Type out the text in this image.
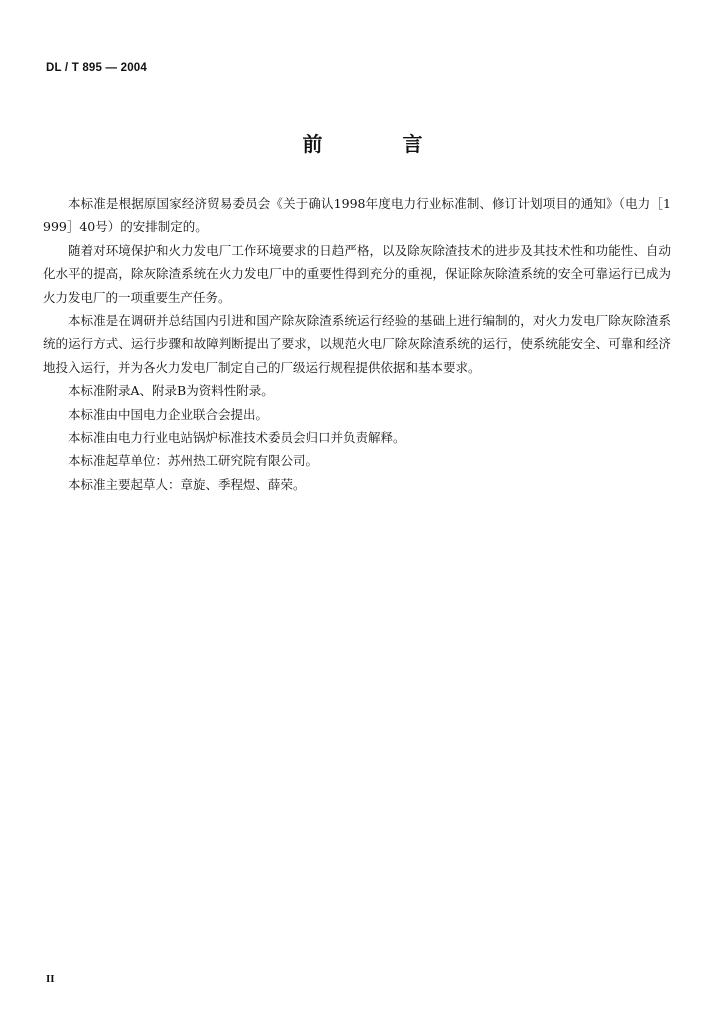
DL / T 895 — 2004
前　言

本标准是根据原国家经济贸易委员会《关于确认1998年度电力行业标准制、修订计划项目的通知》（电力［1999］40号）的安排制定的。

随着对环境保护和火力发电厂工作环境要求的日趋严格，以及除灰除渣技术的进步及其技术性和功能性、自动化水平的提高，除灰除渣系统在火力发电厂中的重要性得到充分的重视，保证除灰除渣系统的安全可靠运行已成为火力发电厂的一项重要生产任务。

本标准是在调研并总结国内引进和国产除灰除渣系统运行经验的基础上进行编制的，对火力发电厂除灰除渣系统的运行方式、运行步骤和故障判断提出了要求，以规范火电厂除灰除渣系统的运行，使系统能安全、可靠和经济地投入运行，并为各火力发电厂制定自己的厂级运行规程提供依据和基本要求。

本标准附录A、附录B为资料性附录。

本标准由中国电力企业联合会提出。

本标准由电力行业电站锅炉标准技术委员会归口并负责解释。

本标准起草单位：苏州热工研究院有限公司。

本标准主要起草人：章旋、季程煜、薛荣。

II
